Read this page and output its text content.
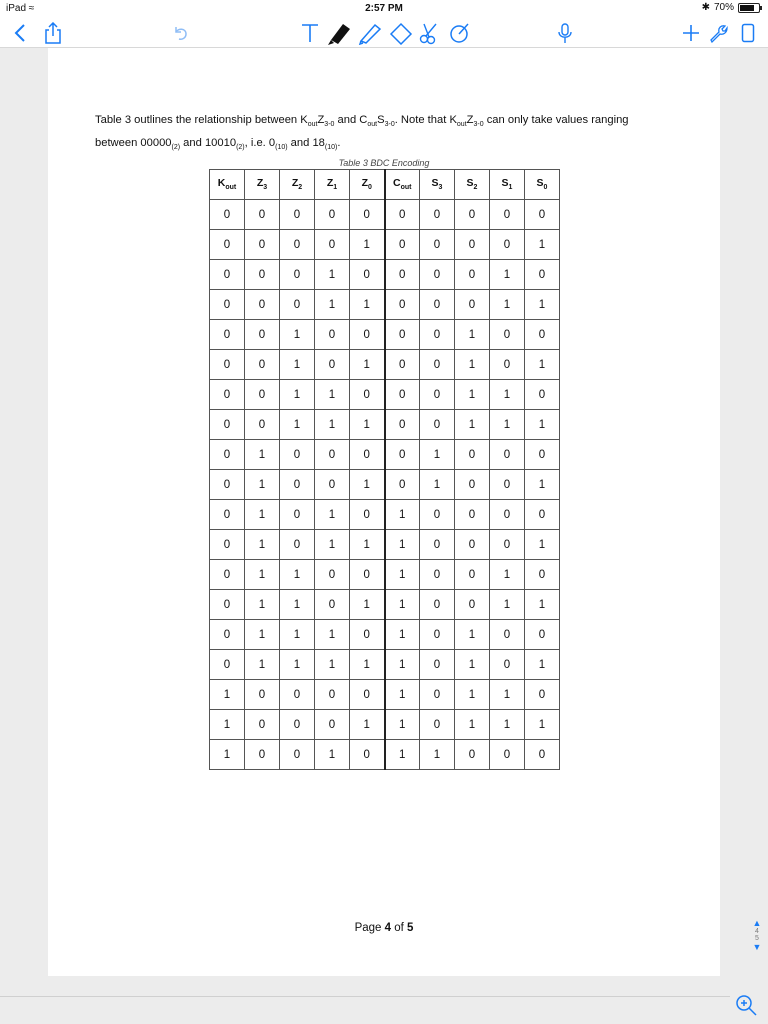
iPad ≈	2:57 PM	✱ 70%
Table 3 outlines the relationship between $K_{out}Z_{3-0}$ and $C_{out}S_{3-0}$. Note that $K_{out}Z_{3-0}$ can only take values ranging between $00000_{(2)}$ and $10010_{(2)}$, i.e. $0_{(10)}$ and $18_{(10)}$.
Table 3 BDC Encoding
$K_{out}$	$Z_3$	$Z_2$	$Z_1$	$Z_0$	$C_{out}$	$S_3$	$S_2$	$S_1$	$S_0$
0	0	0	0	0	0	0	0	0	0
0	0	0	0	1	0	0	0	0	1
0	0	0	1	0	0	0	0	1	0
0	0	0	1	1	0	0	0	1	1
0	0	1	0	0	0	0	1	0	0
0	0	1	0	1	0	0	1	0	1
0	0	1	1	0	0	0	1	1	0
0	0	1	1	1	0	0	1	1	1
0	1	0	0	0	0	1	0	0	0
0	1	0	0	1	0	1	0	0	1
0	1	0	1	0	1	0	0	0	0
0	1	0	1	1	1	0	0	0	1
0	1	1	0	0	1	0	0	1	0
0	1	1	0	1	1	0	0	1	1
0	1	1	1	0	1	0	1	0	0
0	1	1	1	1	1	0	1	0	1
1	0	0	0	0	1	0	1	1	0
1	0	0	0	1	1	0	1	1	1
1	0	0	1	0	1	1	0	0	0
Page 4 of 5	▲
4
5
▼
